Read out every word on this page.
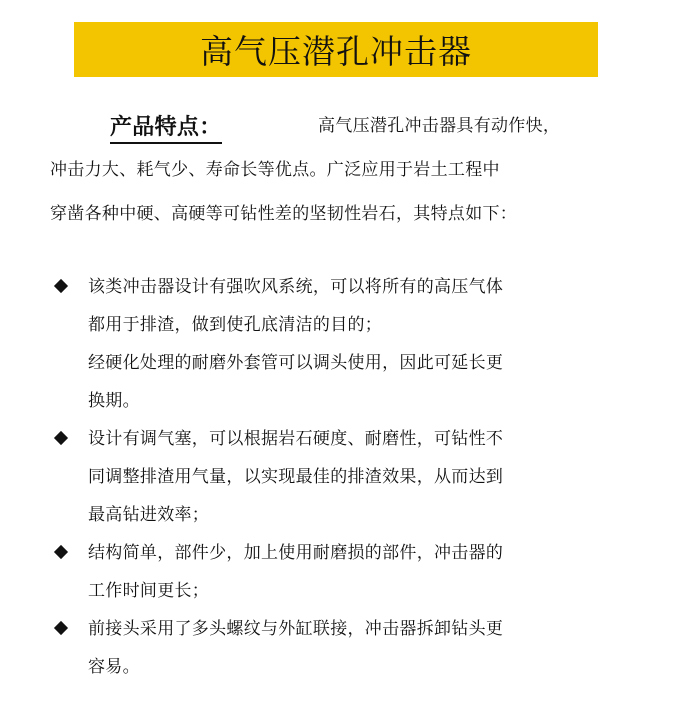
高气压潜孔冲击器
产品特点：	高气压潜孔冲击器具有动作快，
冲击力大、耗气少、寿命长等优点。广泛应用于岩土工程中
穿凿各种中硬、高硬等可钻性差的坚韧性岩石，其特点如下：
该类冲击器设计有强吹风系统，可以将所有的高压气体
都用于排渣，做到使孔底清洁的目的；
经硬化处理的耐磨外套管可以调头使用，因此可延长更
换期。
设计有调气塞，可以根据岩石硬度、耐磨性，可钻性不
同调整排渣用气量，以实现最佳的排渣效果，从而达到
最高钻进效率；
结构简单，部件少，加上使用耐磨损的部件，冲击器的
工作时间更长；
前接头采用了多头螺纹与外缸联接，冲击器拆卸钻头更
容易。
